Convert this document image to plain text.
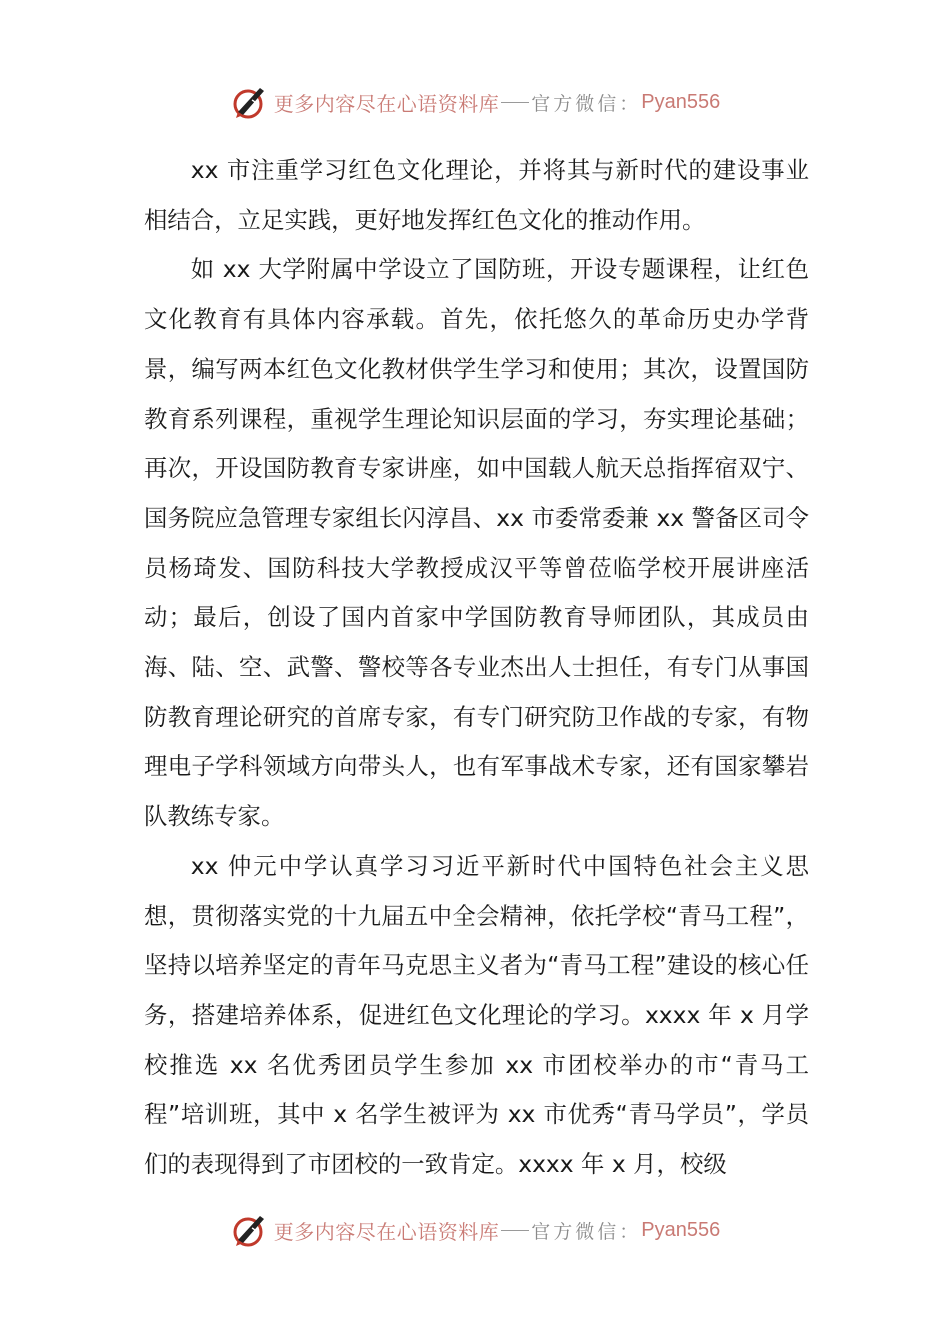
更多内容尽在心语资料库 官方微信： Pyan556

xx 市注重学习红色文化理论，并将其与新时代的建设事业相结合，立足实践，更好地发挥红色文化的推动作用。

如 xx 大学附属中学设立了国防班，开设专题课程，让红色文化教育有具体内容承载。首先，依托悠久的革命历史办学背景，编写两本红色文化教材供学生学习和使用；其次，设置国防教育系列课程，重视学生理论知识层面的学习，夯实理论基础；再次，开设国防教育专家讲座，如中国载人航天总指挥宿双宁、国务院应急管理专家组长闪淳昌、xx 市委常委兼 xx 警备区司令员杨琦发、国防科技大学教授成汉平等曾莅临学校开展讲座活动；最后，创设了国内首家中学国防教育导师团队，其成员由海、陆、空、武警、警校等各专业杰出人士担任，有专门从事国防教育理论研究的首席专家，有专门研究防卫作战的专家，有物理电子学科领域方向带头人，也有军事战术专家，还有国家攀岩队教练专家。

xx 仲元中学认真学习习近平新时代中国特色社会主义思想，贯彻落实党的十九届五中全会精神，依托学校“青马工程”，坚持以培养坚定的青年马克思主义者为“青马工程”建设的核心任务，搭建培养体系，促进红色文化理论的学习。xxxx 年 x 月学校推选 xx 名优秀团员学生参加 xx 市团校举办的市“青马工程”培训班，其中 x 名学生被评为 xx 市优秀“青马学员”，学员们的表现得到了市团校的一致肯定。xxxx 年 x 月，校级

更多内容尽在心语资料库 官方微信： Pyan556
